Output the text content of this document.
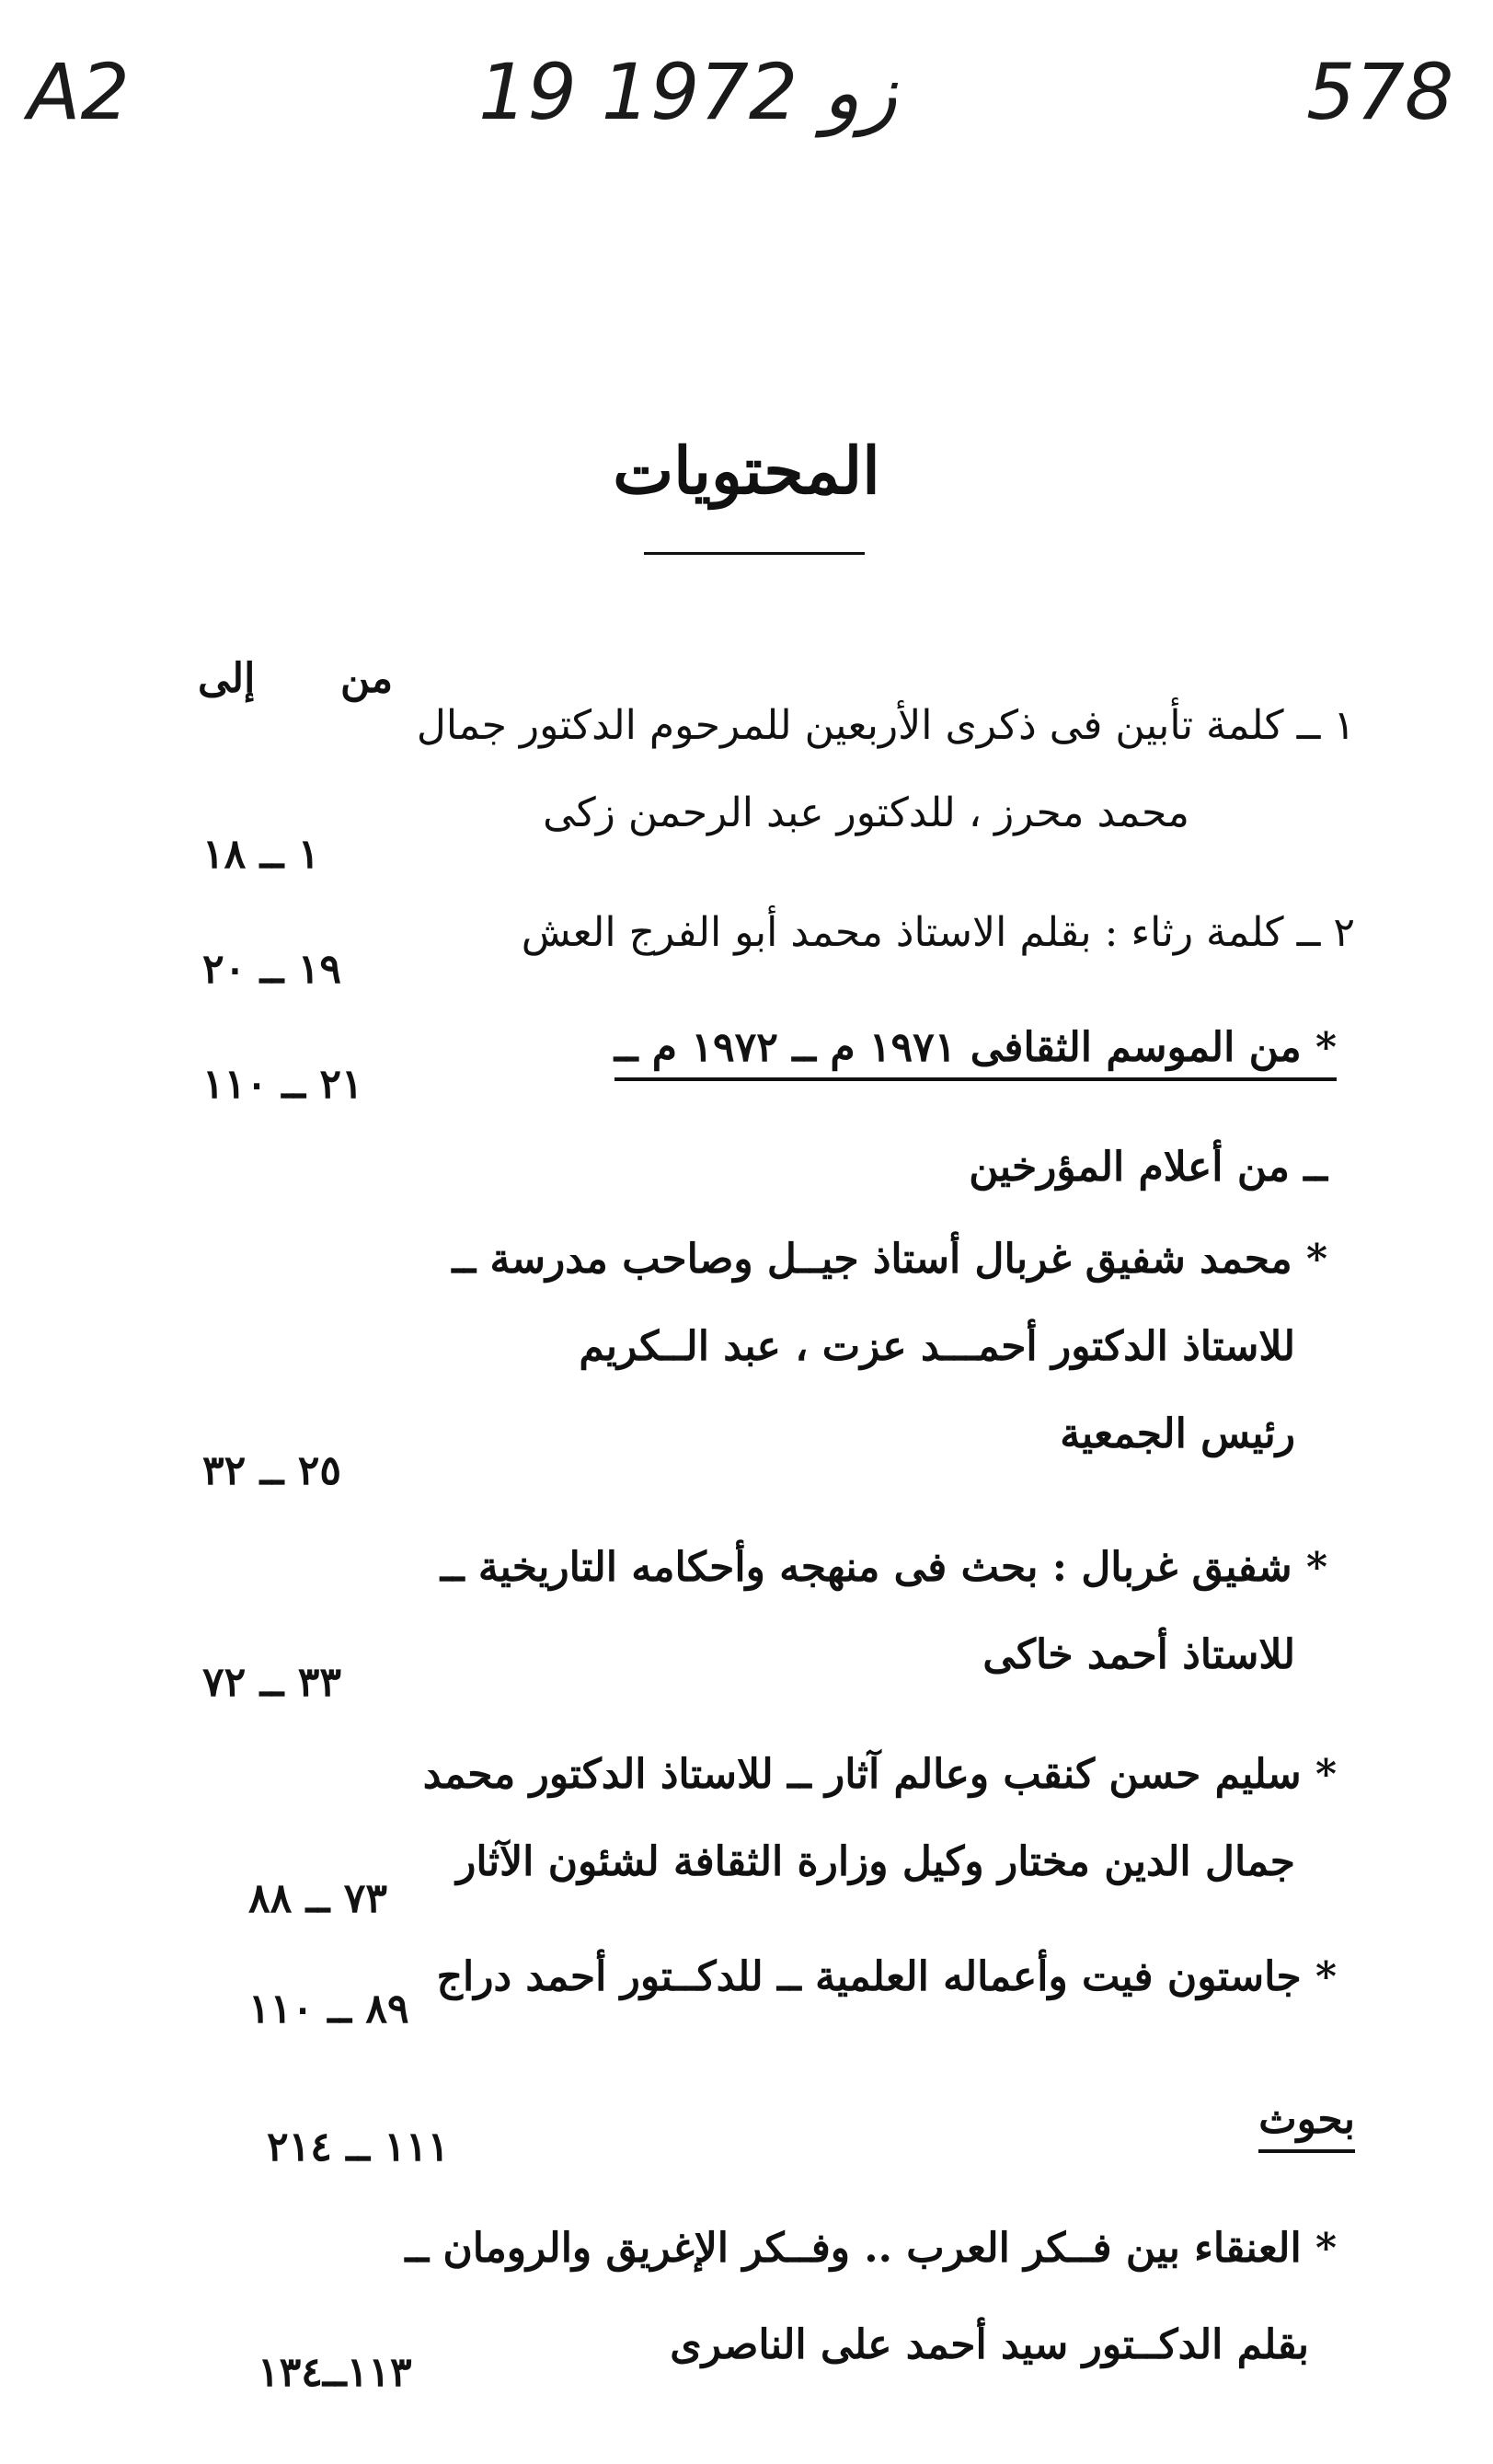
A2	19 زو 1972	578
المحتويات
من
إلى
١ ــ كلمة تأبين فى ذكرى الأربعين للمرحوم الدكتور جمال
محمد محرز ، للدكتور عبد الرحمن زكى
١ ــ ١٨
٢ ــ كلمة رثاء : بقلم الاستاذ محمد أبو الفرج العش
١٩ ــ ٢٠
* من الموسم الثقافى ١٩٧١ م ــ ١٩٧٢ م ــ
٢١ ــ ١١٠
ــ من أعلام المؤرخين
* محمد شفيق غربال أستاذ جيــل وصاحب مدرسة ــ
للاستاذ الدكتور أحمـــد عزت ، عبد الــكريم
رئيس الجمعية
٢٥ ــ ٣٢
* شفيق غربال : بحث فى منهجه وأحكامه التاريخية ــ
للاستاذ أحمد خاكى
٣٣ ــ ٧٢
* سليم حسن كنقب وعالم آثار ــ للاستاذ الدكتور محمد
جمال الدين مختار وكيل وزارة الثقافة لشئون الآثار
٧٣ ــ ٨٨
* جاستون فيت وأعماله العلمية ــ للدكــتور أحمد دراج
٨٩ ــ ١١٠
بحوث
١١١ ــ ٢١٤
* العنقاء بين فــكر العرب .. وفــكر الإغريق والرومان ــ
بقلم الدكــتور سيد أحمد على الناصرى
١١٣ــ١٣٤
